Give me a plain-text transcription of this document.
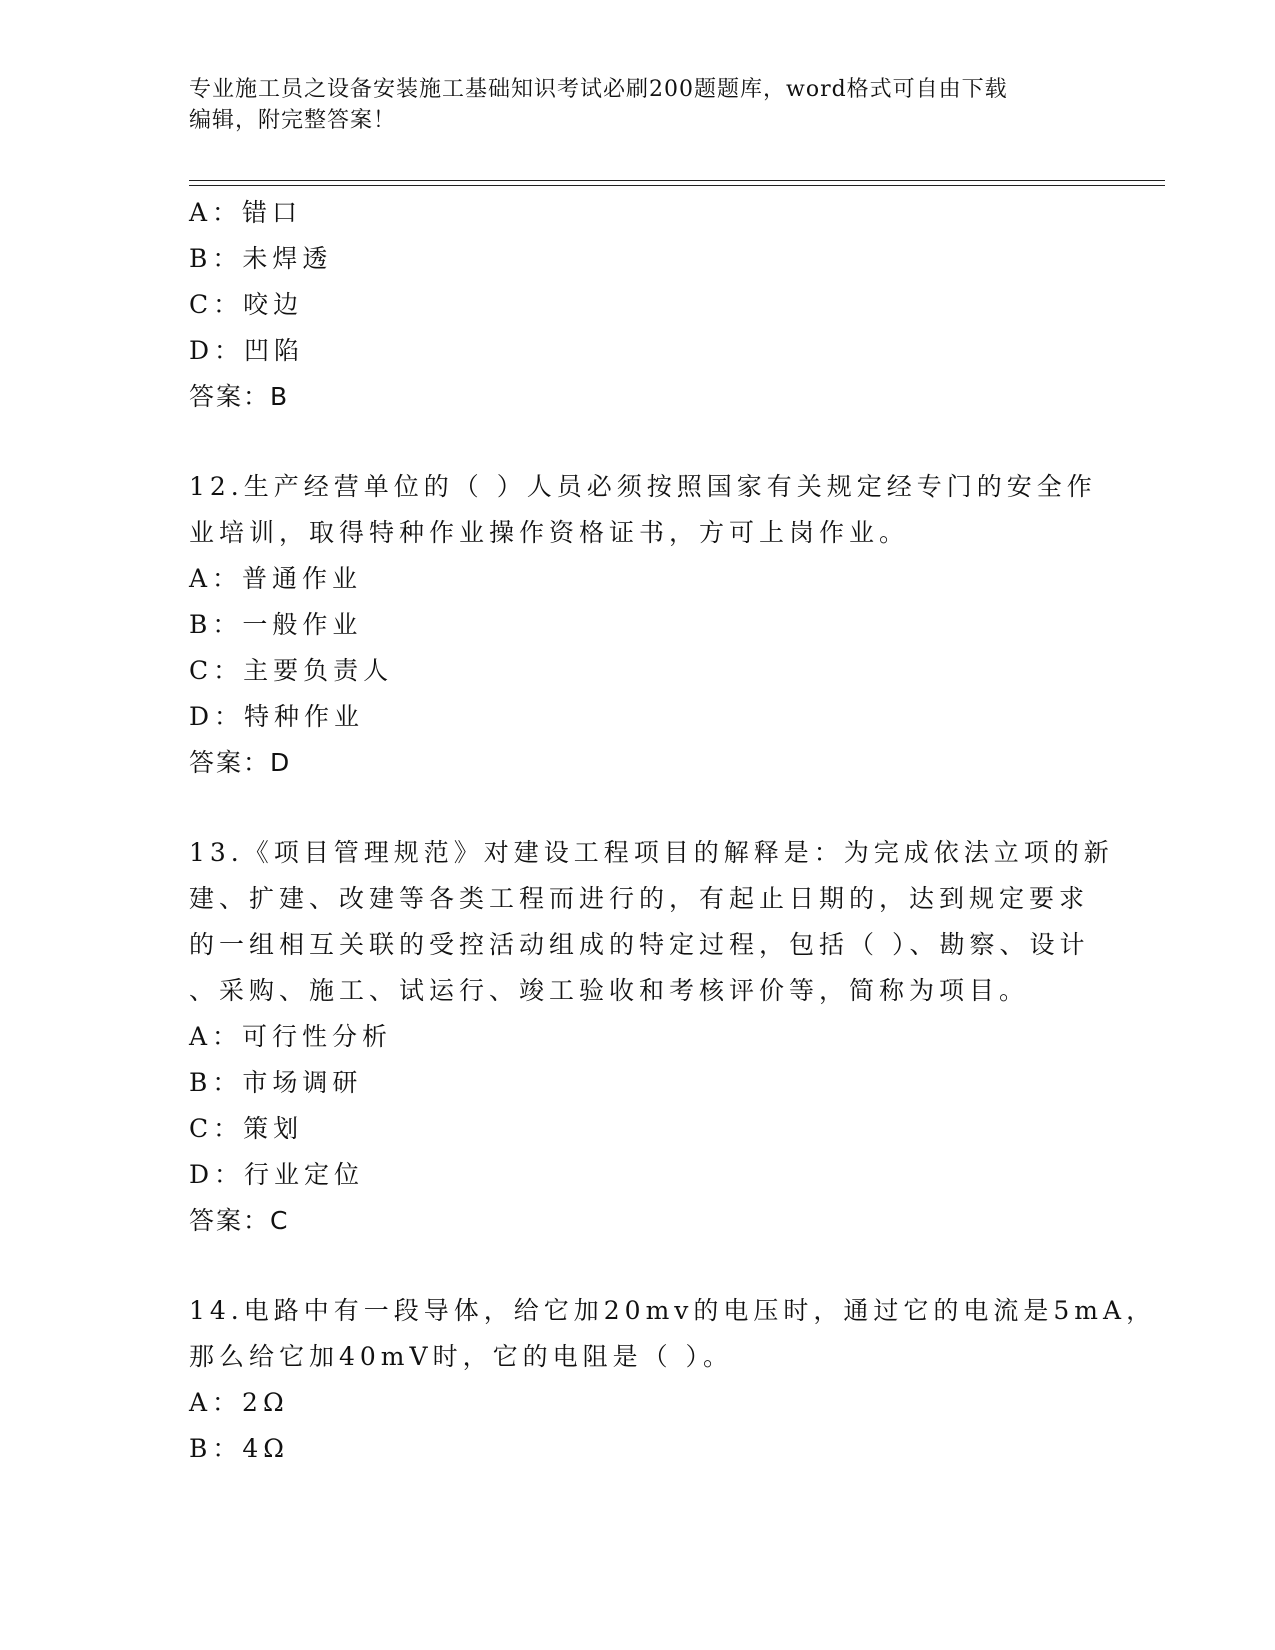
专业施工员之设备安装施工基础知识考试必刷200题题库，word格式可自由下载
编辑，附完整答案！
A：错口
B：未焊透
C：咬边
D：凹陷
答案：B
12.生产经营单位的（ ）人员必须按照国家有关规定经专门的安全作
业培训，取得特种作业操作资格证书，方可上岗作业。
A：普通作业
B：一般作业
C：主要负责人
D：特种作业
答案：D
13.《项目管理规范》对建设工程项目的解释是：为完成依法立项的新
建、扩建、改建等各类工程而进行的，有起止日期的，达到规定要求
的一组相互关联的受控活动组成的特定过程，包括（ ）、勘察、设计
、采购、施工、试运行、竣工验收和考核评价等，简称为项目。
A：可行性分析
B：市场调研
C：策划
D：行业定位
答案：C
14.电路中有一段导体，给它加20mv的电压时，通过它的电流是5mA，
那么给它加40mV时，它的电阻是（ ）。
A：2Ω
B：4Ω
